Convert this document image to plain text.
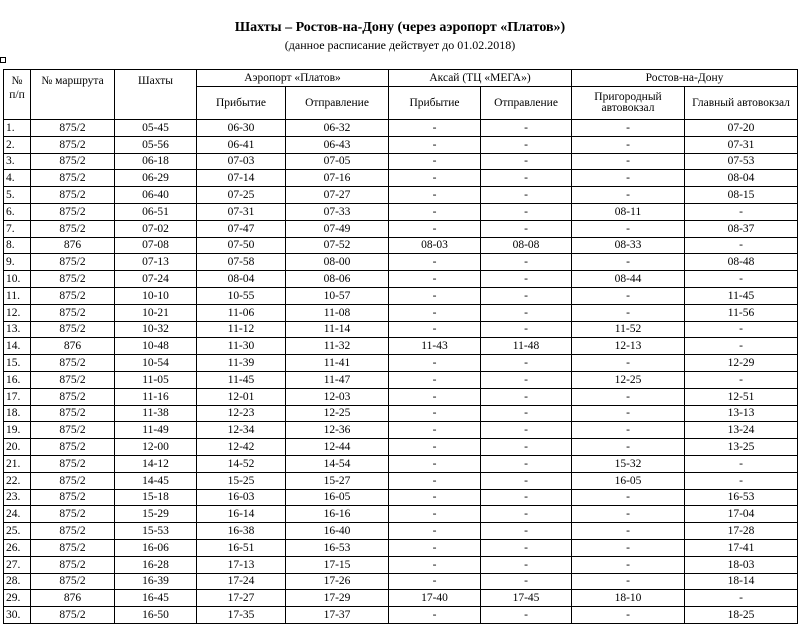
Шахты – Ростов-на-Дону (через аэропорт «Платов»)
(данное расписание действует до 01.02.2018)
№ п/п	№ маршрута	Шахты	Аэропорт «Платов»		Аксай (ТЦ «МЕГА»)		Ростов-на-Дону	
			Прибытие	Отправление	Прибытие	Отправление	Пригородный автовокзал	Главный автовокзал
1.	875/2	05-45	06-30	06-32	-	-	-	07-20
2.	875/2	05-56	06-41	06-43	-	-	-	07-31
3.	875/2	06-18	07-03	07-05	-	-	-	07-53
4.	875/2	06-29	07-14	07-16	-	-	-	08-04
5.	875/2	06-40	07-25	07-27	-	-	-	08-15
6.	875/2	06-51	07-31	07-33	-	-	08-11	-
7.	875/2	07-02	07-47	07-49	-	-	-	08-37
8.	876	07-08	07-50	07-52	08-03	08-08	08-33	-
9.	875/2	07-13	07-58	08-00	-	-	-	08-48
10.	875/2	07-24	08-04	08-06	-	-	08-44	-
11.	875/2	10-10	10-55	10-57	-	-	-	11-45
12.	875/2	10-21	11-06	11-08	-	-	-	11-56
13.	875/2	10-32	11-12	11-14	-	-	11-52	-
14.	876	10-48	11-30	11-32	11-43	11-48	12-13	-
15.	875/2	10-54	11-39	11-41	-	-	-	12-29
16.	875/2	11-05	11-45	11-47	-	-	12-25	-
17.	875/2	11-16	12-01	12-03	-	-	-	12-51
18.	875/2	11-38	12-23	12-25	-	-	-	13-13
19.	875/2	11-49	12-34	12-36	-	-	-	13-24
20.	875/2	12-00	12-42	12-44	-	-	-	13-25
21.	875/2	14-12	14-52	14-54	-	-	15-32	-
22.	875/2	14-45	15-25	15-27	-	-	16-05	-
23.	875/2	15-18	16-03	16-05	-	-	-	16-53
24.	875/2	15-29	16-14	16-16	-	-	-	17-04
25.	875/2	15-53	16-38	16-40	-	-	-	17-28
26.	875/2	16-06	16-51	16-53	-	-	-	17-41
27.	875/2	16-28	17-13	17-15	-	-	-	18-03
28.	875/2	16-39	17-24	17-26	-	-	-	18-14
29.	876	16-45	17-27	17-29	17-40	17-45	18-10	-
30.	875/2	16-50	17-35	17-37	-	-	-	18-25
